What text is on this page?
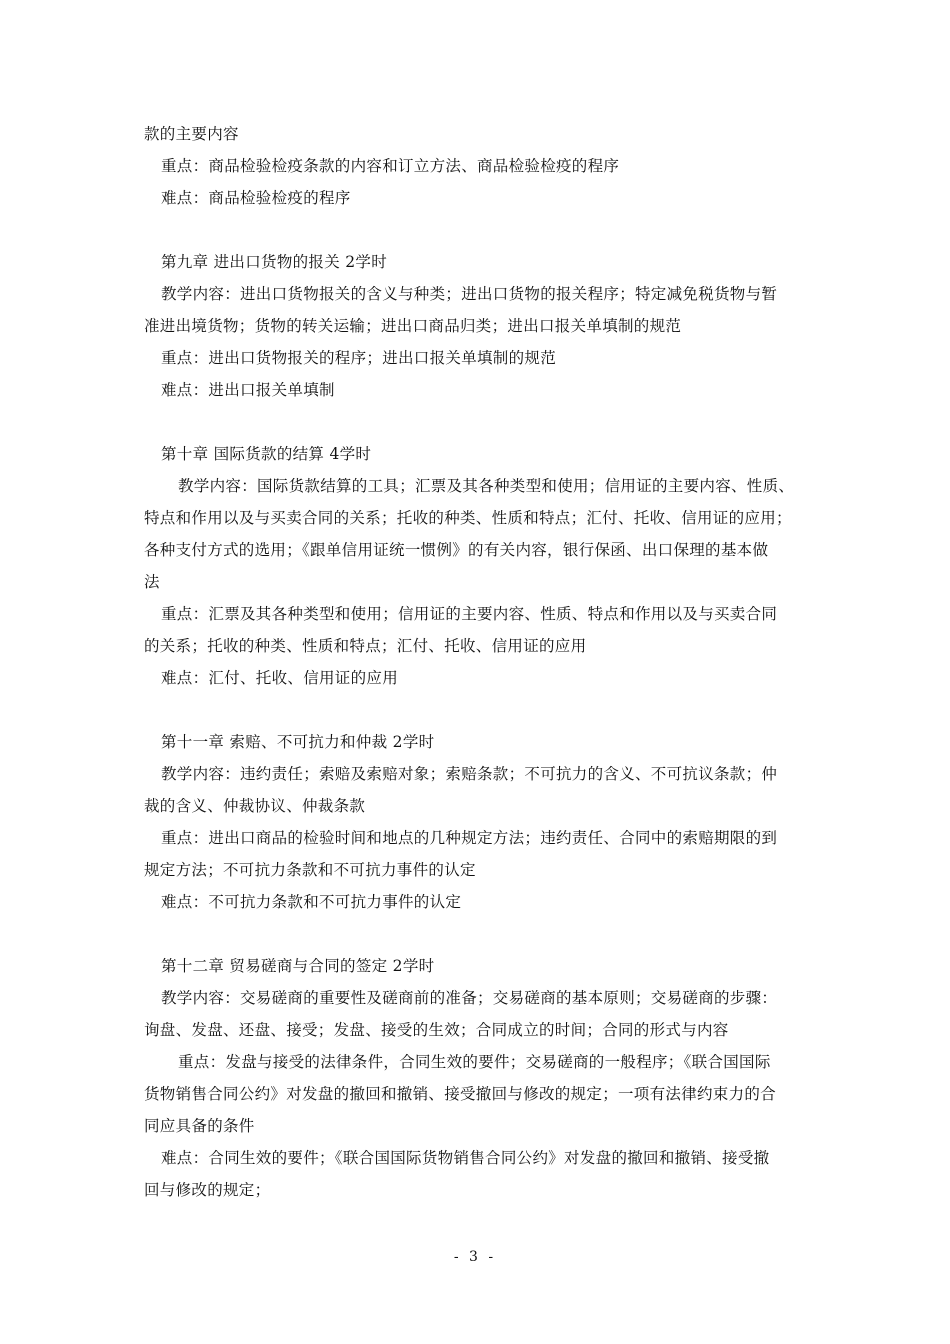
款的主要内容
重点：商品检验检疫条款的内容和订立方法、商品检验检疫的程序
难点：商品检验检疫的程序
第九章 进出口货物的报关 2学时
教学内容：进出口货物报关的含义与种类；进出口货物的报关程序；特定减免税货物与暂
准进出境货物；货物的转关运输；进出口商品归类；进出口报关单填制的规范
重点：进出口货物报关的程序；进出口报关单填制的规范
难点：进出口报关单填制
第十章 国际货款的结算 4学时
教学内容：国际货款结算的工具；汇票及其各种类型和使用；信用证的主要内容、性质、
特点和作用以及与买卖合同的关系；托收的种类、性质和特点；汇付、托收、信用证的应用；
各种支付方式的选用；《跟单信用证统一惯例》的有关内容，银行保函、出口保理的基本做
法
重点：汇票及其各种类型和使用；信用证的主要内容、性质、特点和作用以及与买卖合同
的关系；托收的种类、性质和特点；汇付、托收、信用证的应用
难点：汇付、托收、信用证的应用
第十一章 索赔、不可抗力和仲裁 2学时
教学内容：违约责任；索赔及索赔对象；索赔条款；不可抗力的含义、不可抗议条款；仲
裁的含义、仲裁协议、仲裁条款
重点：进出口商品的检验时间和地点的几种规定方法；违约责任、合同中的索赔期限的到
规定方法；不可抗力条款和不可抗力事件的认定
难点：不可抗力条款和不可抗力事件的认定
第十二章 贸易磋商与合同的签定 2学时
教学内容：交易磋商的重要性及磋商前的准备；交易磋商的基本原则；交易磋商的步骤：
询盘、发盘、还盘、接受；发盘、接受的生效；合同成立的时间；合同的形式与内容
重点：发盘与接受的法律条件，合同生效的要件；交易磋商的一般程序；《联合国国际
货物销售合同公约》对发盘的撤回和撤销、接受撤回与修改的规定；一项有法律约束力的合
同应具备的条件
难点：合同生效的要件；《联合国国际货物销售合同公约》对发盘的撤回和撤销、接受撤
回与修改的规定；
- 3 -
